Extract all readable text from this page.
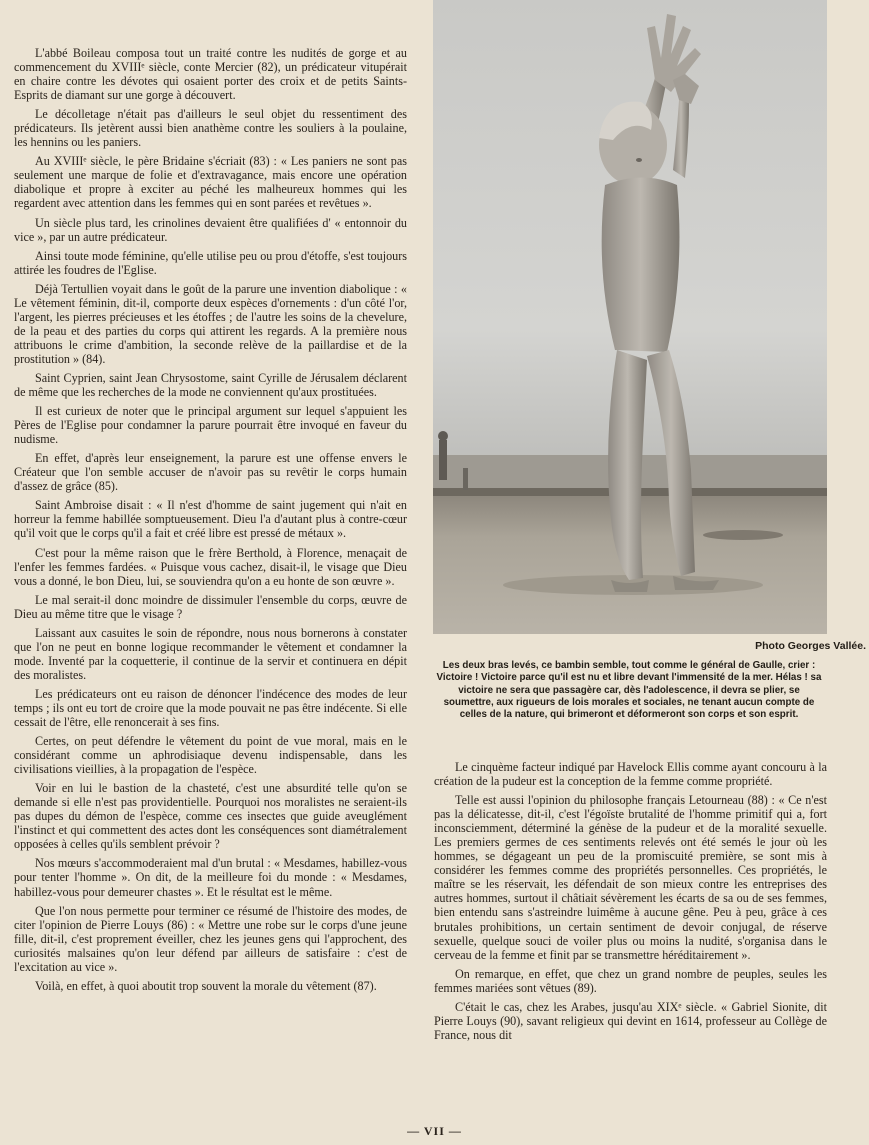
L'abbé Boileau composa tout un traité contre les nudités de gorge et au commencement du XVIIIᵉ siècle, conte Mercier (82), un prédicateur vitupérait en chaire contre les dévotes qui osaient porter des croix et de petits Saints-Esprits de diamant sur une gorge à découvert.

Le décolletage n'était pas d'ailleurs le seul objet du ressentiment des prédicateurs. Ils jetèrent aussi bien anathème contre les souliers à la poulaine, les hennins ou les paniers.

Au XVIIIᵉ siècle, le père Bridaine s'écriait (83) : « Les paniers ne sont pas seulement une marque de folie et d'extravagance, mais encore une opération diabolique et propre à exciter au péché les malheureux hommes qui les regardent avec attention dans les femmes qui en sont parées et revêtues ».

Un siècle plus tard, les crinolines devaient être qualifiées d' « entonnoir du vice », par un autre prédicateur.

Ainsi toute mode féminine, qu'elle utilise peu ou prou d'étoffe, s'est toujours attirée les foudres de l'Eglise.

Déjà Tertullien voyait dans le goût de la parure une invention diabolique : « Le vêtement féminin, dit-il, comporte deux espèces d'ornements : d'un côté l'or, l'argent, les pierres précieuses et les étoffes ; de l'autre les soins de la chevelure, de la peau et des parties du corps qui attirent les regards. A la première nous attribuons le crime d'ambition, la seconde relève de la paillardise et de la prostitution » (84).

Saint Cyprien, saint Jean Chrysostome, saint Cyrille de Jérusalem déclarent de même que les recherches de la mode ne conviennent qu'aux prostituées.

Il est curieux de noter que le principal argument sur lequel s'appuient les Pères de l'Eglise pour condamner la parure pourrait être invoqué en faveur du nudisme.

En effet, d'après leur enseignement, la parure est une offense envers le Créateur que l'on semble accuser de n'avoir pas su revêtir le corps humain d'assez de grâce (85).

Saint Ambroise disait : « Il n'est d'homme de saint jugement qui n'ait en horreur la femme habillée somptueusement. Dieu l'a d'autant plus à contre-cœur qu'il voit que le corps qu'il a fait et créé libre est pressé de métaux ».

C'est pour la même raison que le frère Berthold, à Florence, menaçait de l'enfer les femmes fardées. « Puisque vous cachez, disait-il, le visage que Dieu vous a donné, le bon Dieu, lui, se souviendra qu'on a eu honte de son œuvre ».

Le mal serait-il donc moindre de dissimuler l'ensemble du corps, œuvre de Dieu au même titre que le visage ?

Laissant aux casuites le soin de répondre, nous nous bornerons à constater que l'on ne peut en bonne logique recommander le vêtement et condamner la mode. Inventé par la coquetterie, il continue de la servir et continuera en dépit des moralistes.

Les prédicateurs ont eu raison de dénoncer l'indécence des modes de leur temps ; ils ont eu tort de croire que la mode pouvait ne pas être indécente. Si elle cessait de l'être, elle renoncerait à ses fins.

Certes, on peut défendre le vêtement du point de vue moral, mais en le considérant comme un aphrodisiaque devenu indispensable, dans les civilisations vieillies, à la propagation de l'espèce.

Voir en lui le bastion de la chasteté, c'est une absurdité telle qu'on se demande si elle n'est pas providentielle. Pourquoi nos moralistes ne seraient-ils pas dupes du démon de l'espèce, comme ces insectes que guide aveuglément l'instinct et qui commettent des actes dont les conséquences sont diamétralement opposées à celles qu'ils semblent prévoir ?

Nos mœurs s'accommoderaient mal d'un brutal : « Mesdames, habillez-vous pour tenter l'homme ». On dit, de la meilleure foi du monde : « Mesdames, habillez-vous pour demeurer chastes ». Et le résultat est le même.

Que l'on nous permette pour terminer ce résumé de l'histoire des modes, de citer l'opinion de Pierre Louys (86) : « Mettre une robe sur le corps d'une jeune fille, dit-il, c'est proprement éveiller, chez les jeunes gens qui l'approchent, des curiosités malsaines qu'on leur défend par ailleurs de satisfaire : c'est de l'excitation au vice ».

Voilà, en effet, à quoi aboutit trop souvent la morale du vêtement (87).

Photo Georges Vallée.
Les deux bras levés, ce bambin semble, tout comme le général de Gaulle, crier : Victoire ! Victoire parce qu'il est nu et libre devant l'immensité de la mer. Hélas ! sa victoire ne sera que passagère car, dès l'adolescence, il devra se plier, se soumettre, aux rigueurs de lois morales et sociales, ne tenant aucun compte de celles de la nature, qui brimeront et déformeront son corps et son esprit.

Le cinquème facteur indiqué par Havelock Ellis comme ayant concouru à la création de la pudeur est la conception de la femme comme propriété.

Telle est aussi l'opinion du philosophe français Letourneau (88) : « Ce n'est pas la délicatesse, dit-il, c'est l'égoïste brutalité de l'homme primitif qui a, fort inconsciemment, déterminé la génèse de la pudeur et de la moralité sexuelle. Les premiers germes de ces sentiments relevés ont été semés le jour où les hommes, se dégageant un peu de la promiscuité première, se sont mis à considérer les femmes comme des propriétés personnelles. Ces propriétés, le maître se les réservait, les défendait de son mieux contre les entreprises des autres hommes, surtout il châtiait sévèrement les écarts de sa ou de ses femmes, bien entendu sans s'astreindre luimême à aucune gêne. Peu à peu, grâce à ces brutales prohibitions, un certain sentiment de devoir conjugal, de réserve sexuelle, quelque souci de voiler plus ou moins la nudité, s'organisa dans le cerveau de la femme et finit par se transmettre héréditairement ».

On remarque, en effet, que chez un grand nombre de peuples, seules les femmes mariées sont vêtues (89).

C'était le cas, chez les Arabes, jusqu'au XIXᵉ siècle. « Gabriel Sionite, dit Pierre Louys (90), savant religieux qui devint en 1614, professeur au Collège de France, nous dit

— VII —
